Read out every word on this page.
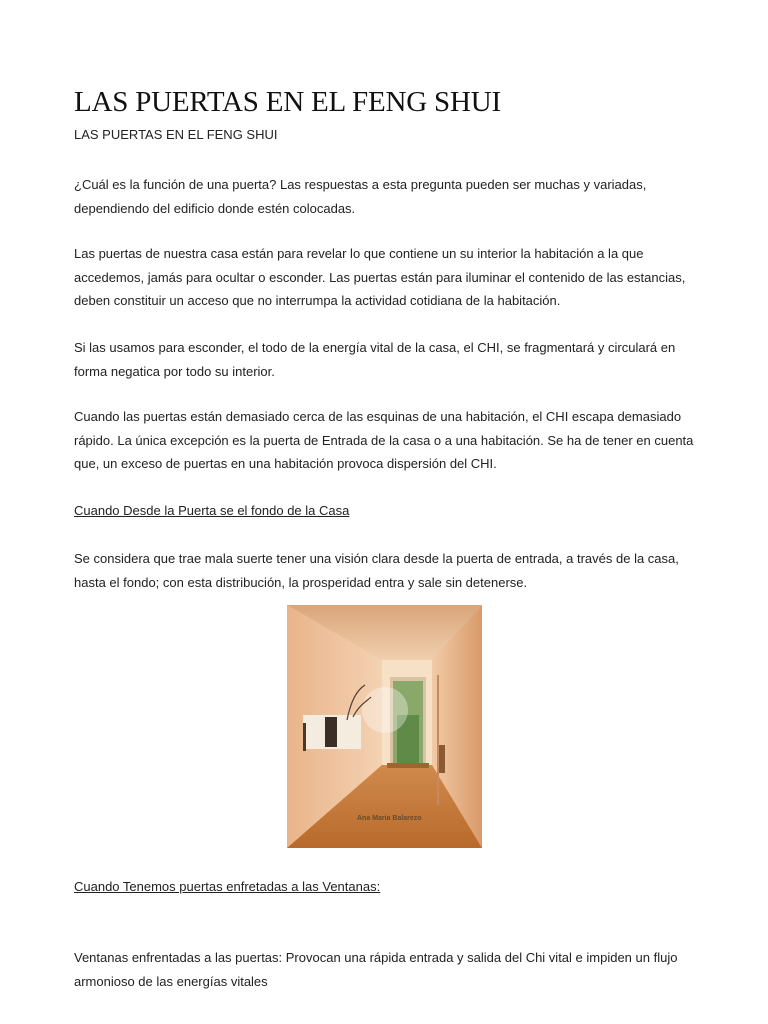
LAS PUERTAS EN EL FENG SHUI

LAS PUERTAS EN EL FENG SHUI

¿Cuál es la función de una puerta? Las respuestas a esta pregunta pueden ser muchas y variadas, dependiendo del edificio donde estén colocadas.

Las puertas de nuestra casa están para revelar lo que contiene un su interior la habitación a la que accedemos, jamás para ocultar o esconder. Las puertas están para iluminar el contenido de las estancias, deben constituir un acceso que no interrumpa la actividad cotidiana de la habitación.

Si las usamos para esconder, el todo de la energía vital de la casa, el CHI, se fragmentará y circulará en forma negatica por todo su interior.

Cuando las puertas están demasiado cerca de las esquinas de una habitación, el CHI escapa demasiado rápido. La única excepción es la puerta de Entrada de la casa o a una habitación. Se ha de tener en cuenta que, un exceso de puertas en una habitación provoca dispersión del CHI.

Cuando Desde la Puerta se el fondo de la Casa

Se considera que trae mala suerte tener una visión clara desde la puerta de entrada, a través de la casa, hasta el fondo; con esta distribución, la prosperidad entra y sale sin detenerse.

Ana Maria Balarezo

Cuando Tenemos puertas enfretadas a las Ventanas:

Ventanas enfrentadas a las puertas: Provocan una rápida entrada y salida del Chi vital e impiden un flujo armonioso de las energías vitales
